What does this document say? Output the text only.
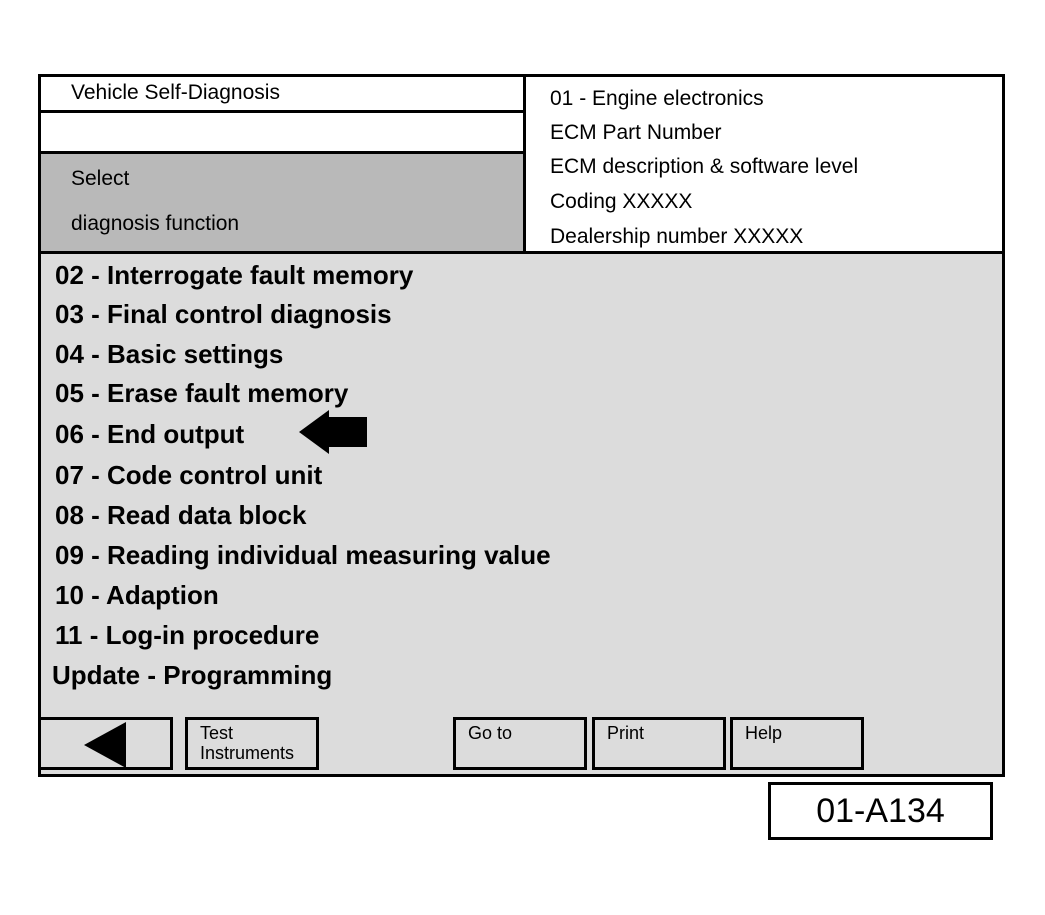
Vehicle Self-Diagnosis
Select
diagnosis function
01 - Engine electronics
ECM Part Number
ECM description & software level
Coding XXXXX
Dealership number XXXXX
02 - Interrogate fault memory
03 - Final control diagnosis
04 - Basic settings
05 - Erase fault memory
06 - End output
07 - Code control unit
08 - Read data block
09 - Reading individual measuring value
10 - Adaption
11 - Log-in procedure
Update - Programming
Test
Instruments
Go to	Print	Help
01-A134
